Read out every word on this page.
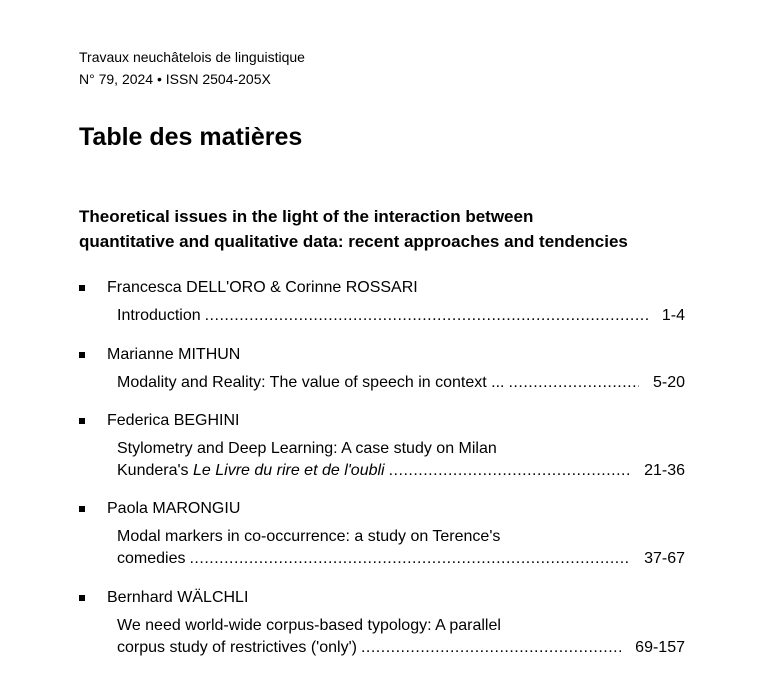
Travaux neuchâtelois de linguistique
N° 79, 2024 • ISSN 2504-205X
Table des matières
Theoretical issues in the light of the interaction between
quantitative and qualitative data: recent approaches and tendencies
Francesca DELL'ORO & Corinne ROSSARI
Introduction .....	1-4
Marianne MITHUN
Modality and Reality: The value of speech in context ... .....	5-20
Federica BEGHINI
Stylometry and Deep Learning: A case study on Milan
Kundera's Le Livre du rire et de l'oubli .....	21-36
Paola MARONGIU
Modal markers in co-occurrence: a study on Terence's
comedies .....	37-67
Bernhard WÄLCHLI
We need world-wide corpus-based typology: A parallel
corpus study of restrictives ('only') .....	69-157
